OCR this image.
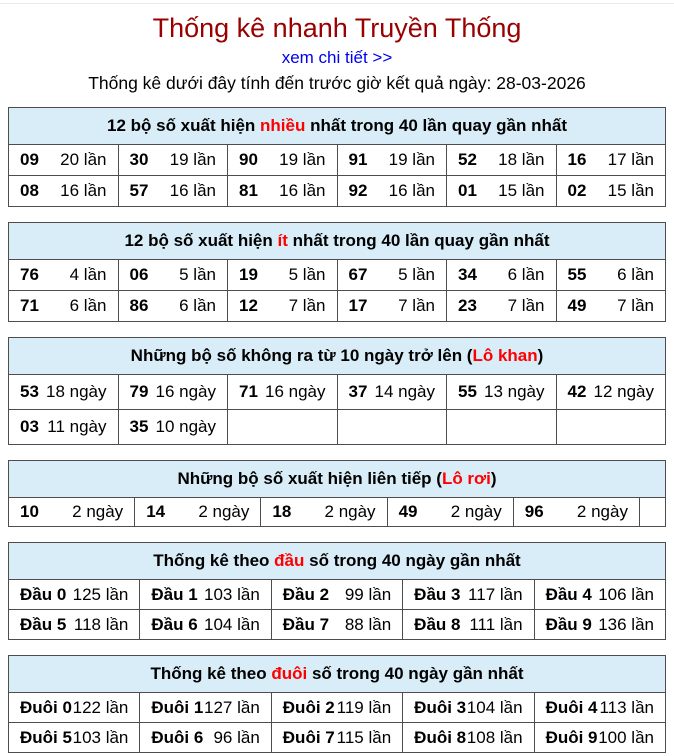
Thống kê nhanh Truyền Thống
xem chi tiết >>
Thống kê dưới đây tính đến trước giờ kết quả ngày: 28-03-2026
12 bộ số xuất hiện nhiều nhất trong 40 lần quay gần nhất					

09 20 lần	30 19 lần	90 19 lần	91 19 lần	52 18 lần	16 17 lần

08 16 lần	57 16 lần	81 16 lần	92 16 lần	01 15 lần	02 15 lần
12 bộ số xuất hiện ít nhất trong 40 lần quay gần nhất					

76 4 lần	06 5 lần	19 5 lần	67 5 lần	34 6 lần	55 6 lần

71 6 lần	86 6 lần	12 7 lần	17 7 lần	23 7 lần	49 7 lần
Những bộ số không ra từ 10 ngày trở lên (Lô khan)					

53 18 ngày	79 16 ngày	71 16 ngày	37 14 ngày	55 13 ngày	42 12 ngày

03 11 ngày	35 10 ngày				

Những bộ số xuất hiện liên tiếp (Lô rơi)

10 2 ngày	14 2 ngày	18 2 ngày	49 2 ngày	96 2 ngày

Thống kê theo đầu số trong 40 ngày gần nhất				

Đầu 0 125 lần	Đầu 1 103 lần	Đầu 2 99 lần	Đầu 3 117 lần	Đầu 4 106 lần

Đầu 5 118 lần	Đầu 6 104 lần	Đầu 7 88 lần	Đầu 8 111 lần	Đầu 9 136 lần
Thống kê theo đuôi số trong 40 ngày gần nhất				

Đuôi 0 122 lần	Đuôi 1 127 lần	Đuôi 2 119 lần	Đuôi 3 104 lần	Đuôi 4 113 lần

Đuôi 5 103 lần	Đuôi 6 96 lần	Đuôi 7 115 lần	Đuôi 8 108 lần	Đuôi 9 100 lần
